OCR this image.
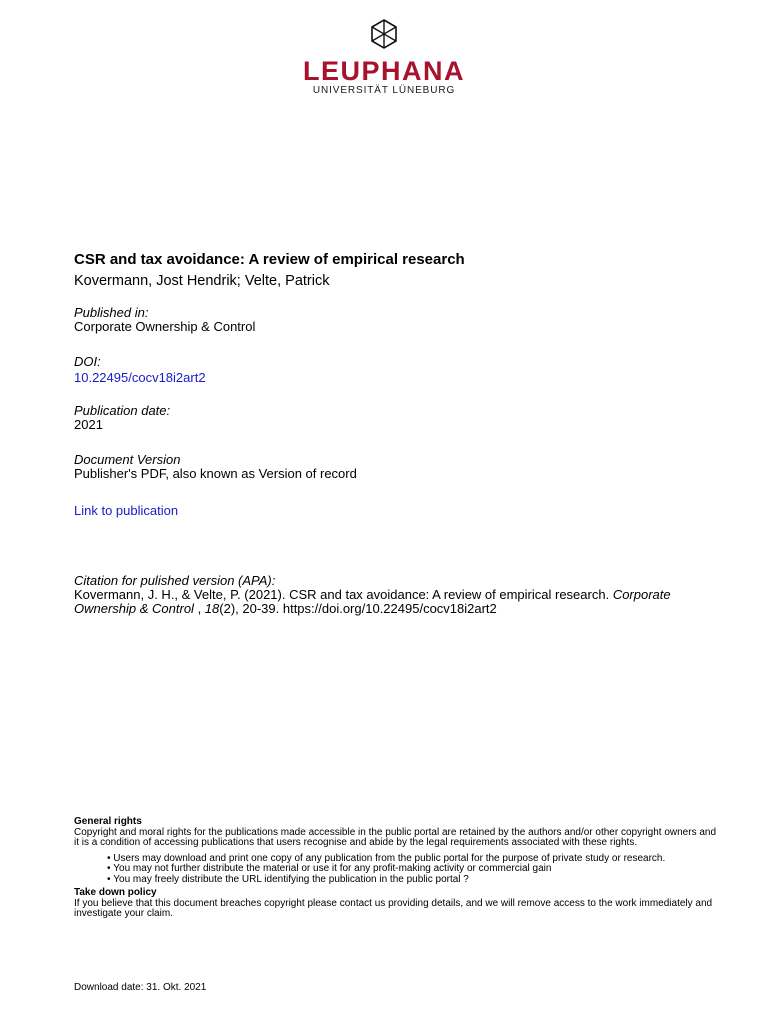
LEUPHANA
UNIVERSITÄT LÜNEBURG
CSR and tax avoidance: A review of empirical research
Kovermann, Jost Hendrik; Velte, Patrick
Published in:
Corporate Ownership & Control
DOI:
10.22495/cocv18i2art2
Publication date:
2021
Document Version
Publisher's PDF, also known as Version of record
Link to publication
Citation for pulished version (APA):
Kovermann, J. H., & Velte, P. (2021). CSR and tax avoidance: A review of empirical research. Corporate Ownership & Control , 18(2), 20-39. https://doi.org/10.22495/cocv18i2art2
General rights
Copyright and moral rights for the publications made accessible in the public portal are retained by the authors and/or other copyright owners and it is a condition of accessing publications that users recognise and abide by the legal requirements associated with these rights.
• Users may download and print one copy of any publication from the public portal for the purpose of private study or research.
• You may not further distribute the material or use it for any profit-making activity or commercial gain
• You may freely distribute the URL identifying the publication in the public portal ?
Take down policy
If you believe that this document breaches copyright please contact us providing details, and we will remove access to the work immediately and investigate your claim.
Download date: 31. Okt. 2021
